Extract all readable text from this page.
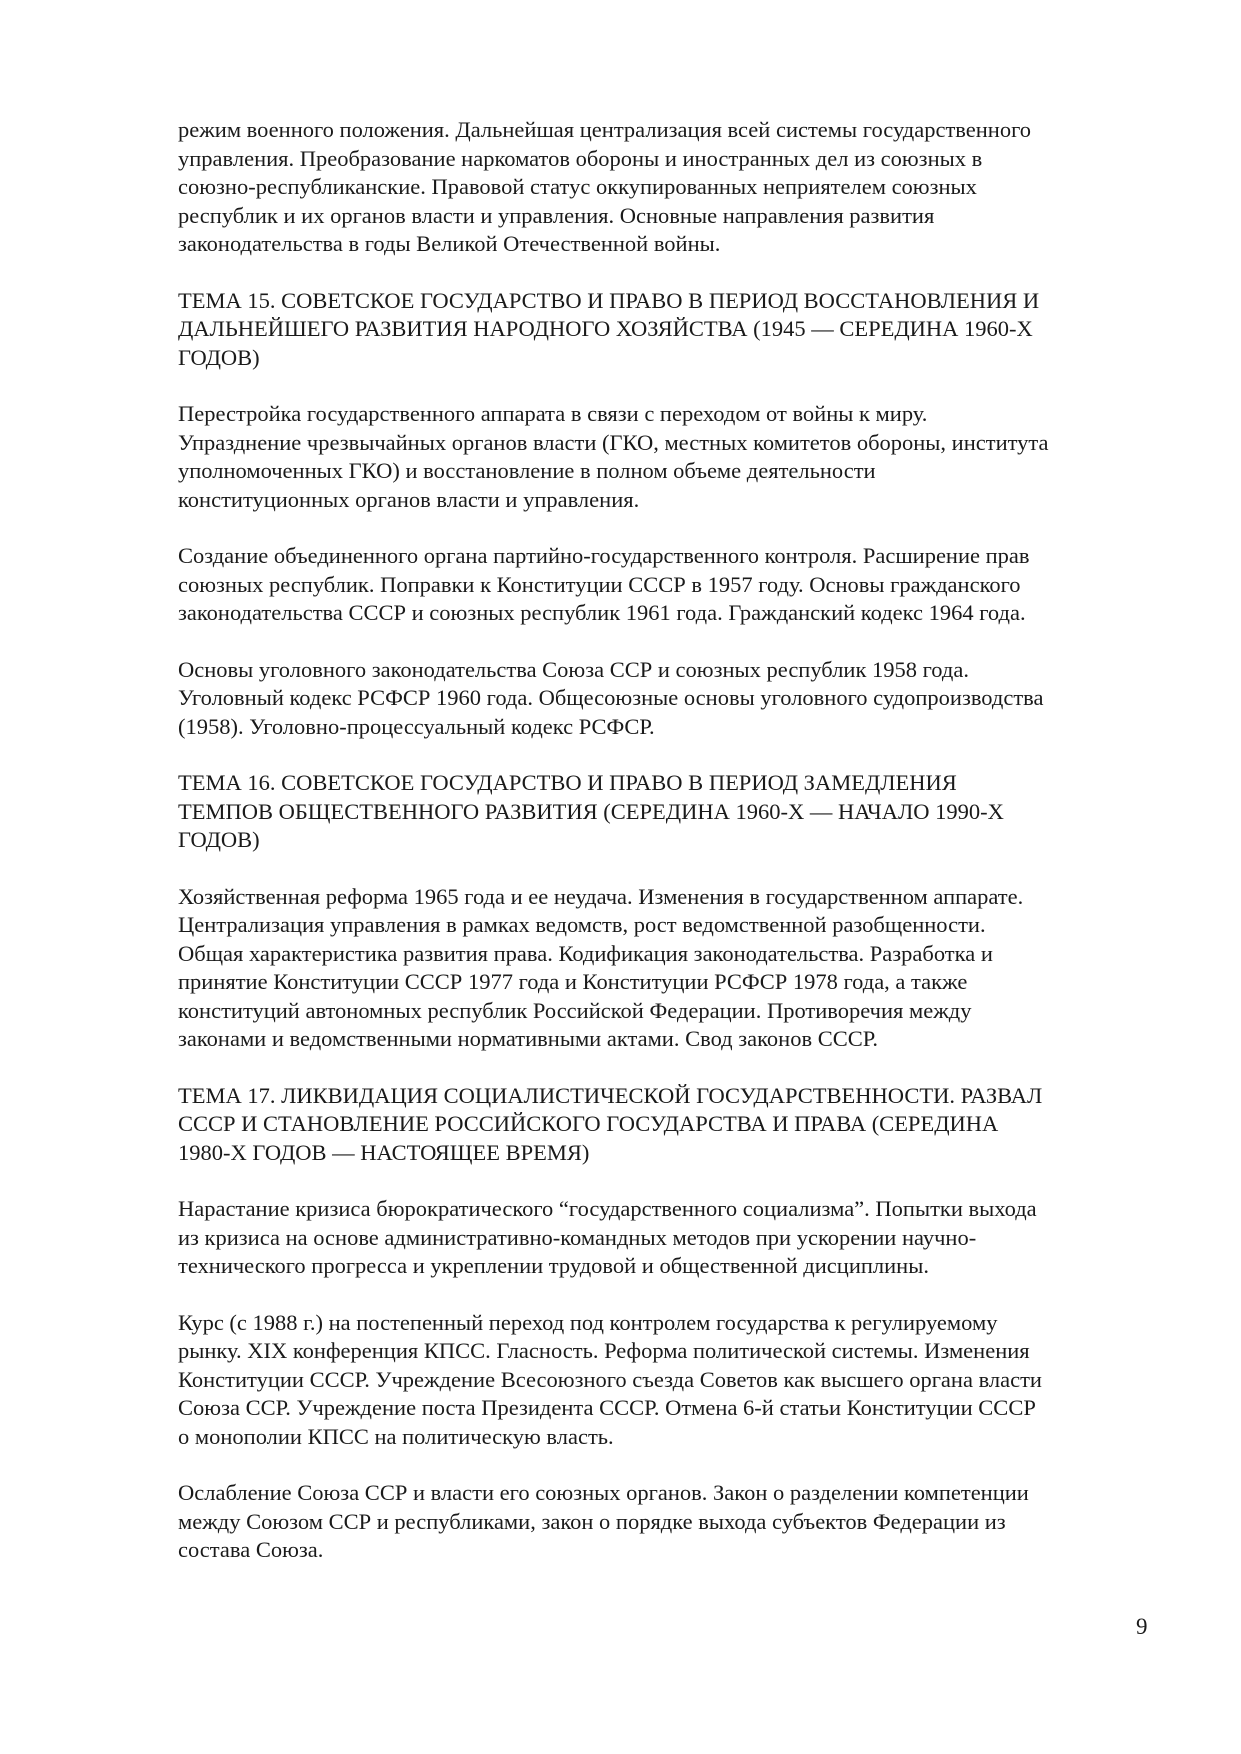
режим военного положения. Дальнейшая централизация всей системы государственного
управления. Преобразование наркоматов обороны и иностранных дел из союзных в
союзно-республиканские. Правовой статус оккупированных неприятелем союзных
республик и их органов власти и управления. Основные направления развития
законодательства в годы Великой Отечественной войны.
ТЕМА 15. СОВЕТСКОЕ ГОСУДАРСТВО И ПРАВО В ПЕРИОД ВОССТАНОВЛЕНИЯ И
ДАЛЬНЕЙШЕГО РАЗВИТИЯ НАРОДНОГО ХОЗЯЙСТВА (1945 — СЕРЕДИНА 1960-Х
ГОДОВ)
Перестройка государственного аппарата в связи с переходом от войны к миру.
Упразднение чрезвычайных органов власти (ГКО, местных комитетов обороны, института
уполномоченных ГКО) и восстановление в полном объеме деятельности
конституционных органов власти и управления.
Создание объединенного органа партийно-государственного контроля. Расширение прав
союзных республик. Поправки к Конституции СССР в 1957 году. Основы гражданского
законодательства СССР и союзных республик 1961 года. Гражданский кодекс 1964 года.
Основы уголовного законодательства Союза ССР и союзных республик 1958 года.
Уголовный кодекс РСФСР 1960 года. Общесоюзные основы уголовного судопроизводства
(1958). Уголовно-процессуальный кодекс РСФСР.
ТЕМА 16. СОВЕТСКОЕ ГОСУДАРСТВО И ПРАВО В ПЕРИОД ЗАМЕДЛЕНИЯ
ТЕМПОВ ОБЩЕСТВЕННОГО РАЗВИТИЯ (СЕРЕДИНА 1960-Х — НАЧАЛО 1990-Х
ГОДОВ)
Хозяйственная реформа 1965 года и ее неудача. Изменения в государственном аппарате.
Централизация управления в рамках ведомств, рост ведомственной разобщенности.
Общая характеристика развития права. Кодификация законодательства. Разработка и
принятие Конституции СССР 1977 года и Конституции РСФСР 1978 года, а также
конституций автономных республик Российской Федерации. Противоречия между
законами и ведомственными нормативными актами. Свод законов СССР.
ТЕМА 17. ЛИКВИДАЦИЯ СОЦИАЛИСТИЧЕСКОЙ ГОСУДАРСТВЕННОСТИ. РАЗВАЛ
СССР И СТАНОВЛЕНИЕ РОССИЙСКОГО ГОСУДАРСТВА И ПРАВА (СЕРЕДИНА
1980-Х ГОДОВ — НАСТОЯЩЕЕ ВРЕМЯ)
Нарастание кризиса бюрократического “государственного социализма”. Попытки выхода
из кризиса на основе административно-командных методов при ускорении научно-
технического прогресса и укреплении трудовой и общественной дисциплины.
Курс (с 1988 г.) на постепенный переход под контролем государства к регулируемому
рынку. XIX конференция КПСС. Гласность. Реформа политической системы. Изменения
Конституции СССР. Учреждение Всесоюзного съезда Советов как высшего органа власти
Союза ССР. Учреждение поста Президента СССР. Отмена 6-й статьи Конституции СССР
о монополии КПСС на политическую власть.
Ослабление Союза ССР и власти его союзных органов. Закон о разделении компетенции
между Союзом ССР и республиками, закон о порядке выхода субъектов Федерации из
состава Союза.
9
